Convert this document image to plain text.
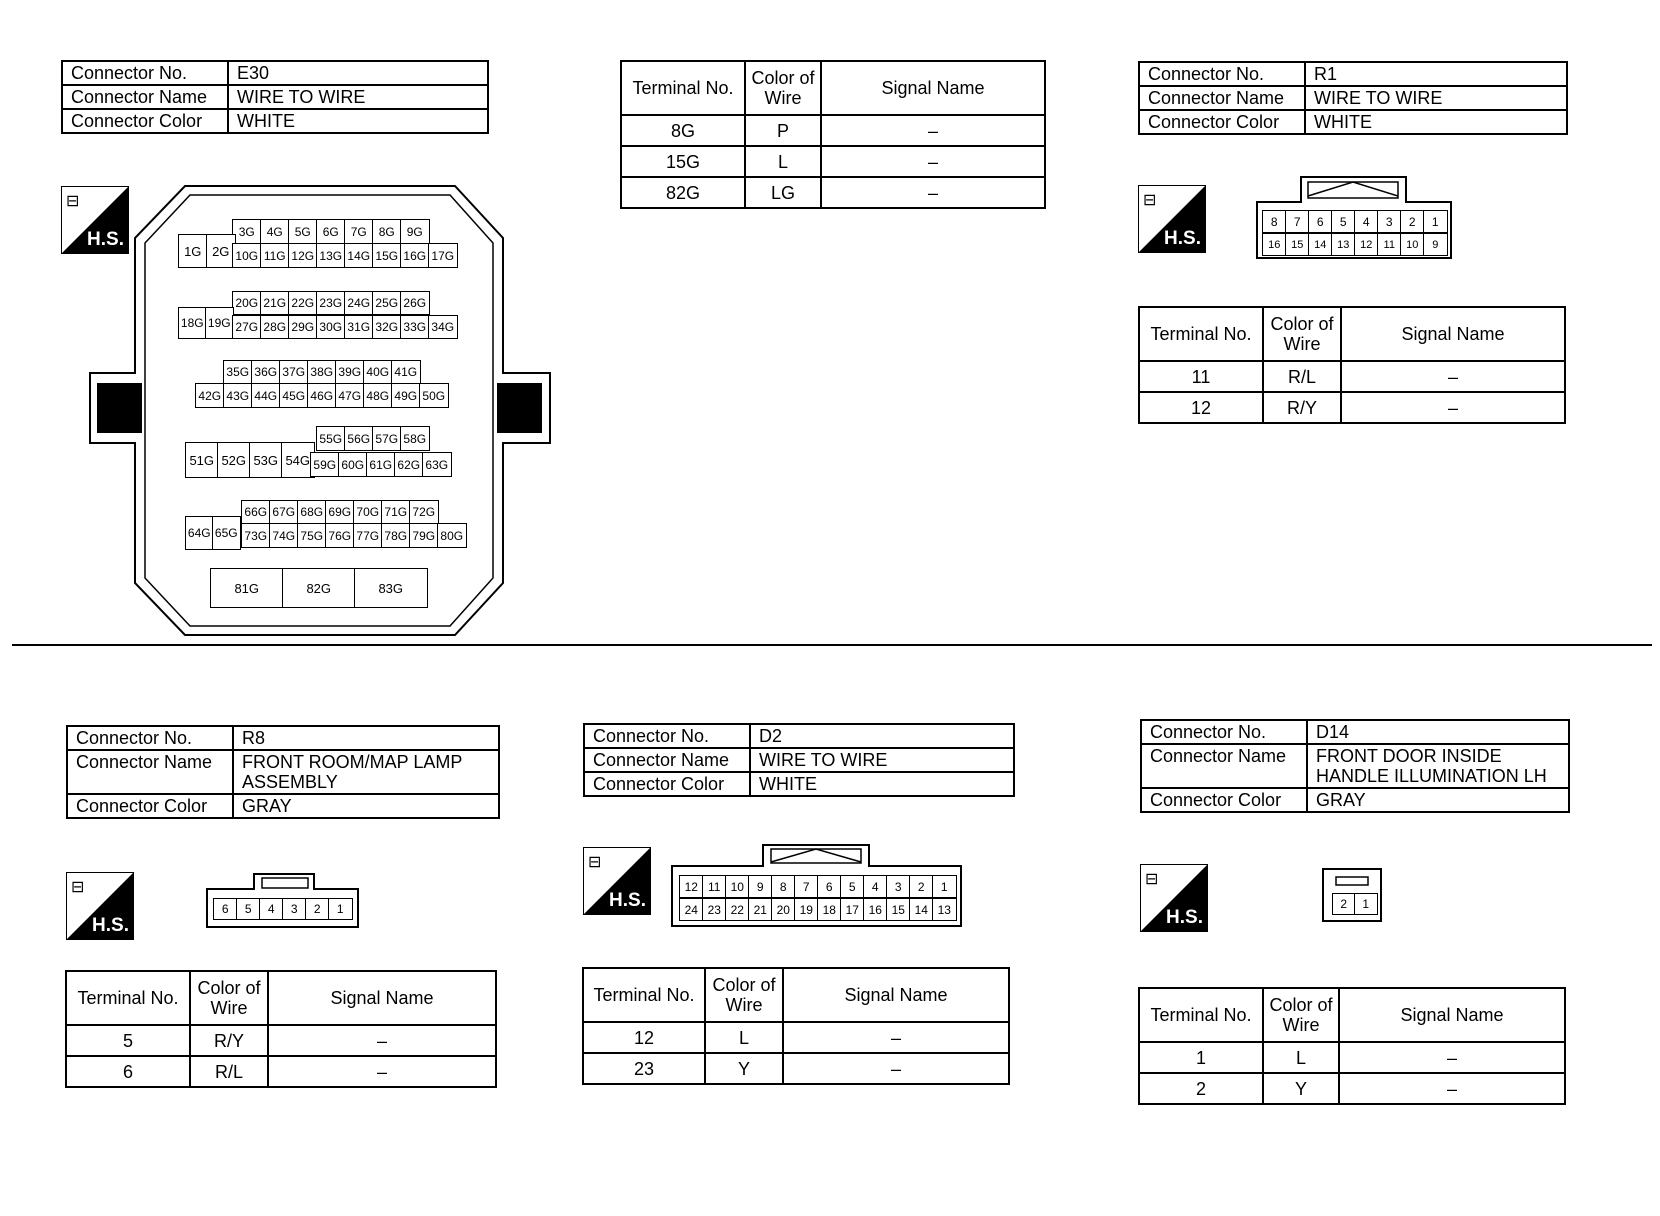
Connector No.	E30
Connector Name	WIRE TO WIRE
Connector Color	WHITE
⊟
H.S.	3G 4G 5G 6G 7G 8G 9G
1G 2G 10G 11G 12G 13G 14G 15G 16G 17G
20G 21G 22G 23G 24G 25G 26G
18G 19G 27G 28G 29G 30G 31G 32G 33G 34G
35G 36G 37G 38G 39G 40G 41G
42G 43G 44G 45G 46G 47G 48G 49G 50G
55G 56G 57G 58G
51G 52G 53G 54G 59G 60G 61G 62G 63G
66G 67G 68G 69G 70G 71G 72G
64G 65G 73G 74G 75G 76G 77G 78G 79G 80G
81G	82G	83G
Terminal No.	Color of
Wire	Signal Name
8G	P	–
15G	L	–
82G	LG	–
Connector No.	R1
Connector Name	WIRE TO WIRE
Connector Color	WHITE
⊟
H.S.
8	7	6	5	4	3	2	1
16 15 14 13 12	11	10	9
Terminal No.	Color of
Wire	Signal Name
11	R/L	–
12	R/Y	–
Connector No.	R8
Connector Name	FRONT ROOM/MAP LAMP
ASSEMBLY
Connector Color	GRAY
⊟
H.S.
6	5	4	3	2	1
Terminal No.	Color of
Wire	Signal Name
5	R/Y	–
6	R/L	–
Connector No.	D2
Connector Name	WIRE TO WIRE
Connector Color	WHITE
⊟
H.S.
12 11 10	9	8	7	6	5	4	3	2	1
24 23 22 21 20 19 18 17 16 15 14 13
Terminal No.	Color of
Wire	Signal Name
12	L	–
23	Y	–
Connector No.	D14
Connector Name	FRONT DOOR INSIDE
HANDLE ILLUMINATION LH
Connector Color	GRAY
⊟
H.S.
2	1
Terminal No.	Color of
Wire	Signal Name
1	L	–
2	Y	–
